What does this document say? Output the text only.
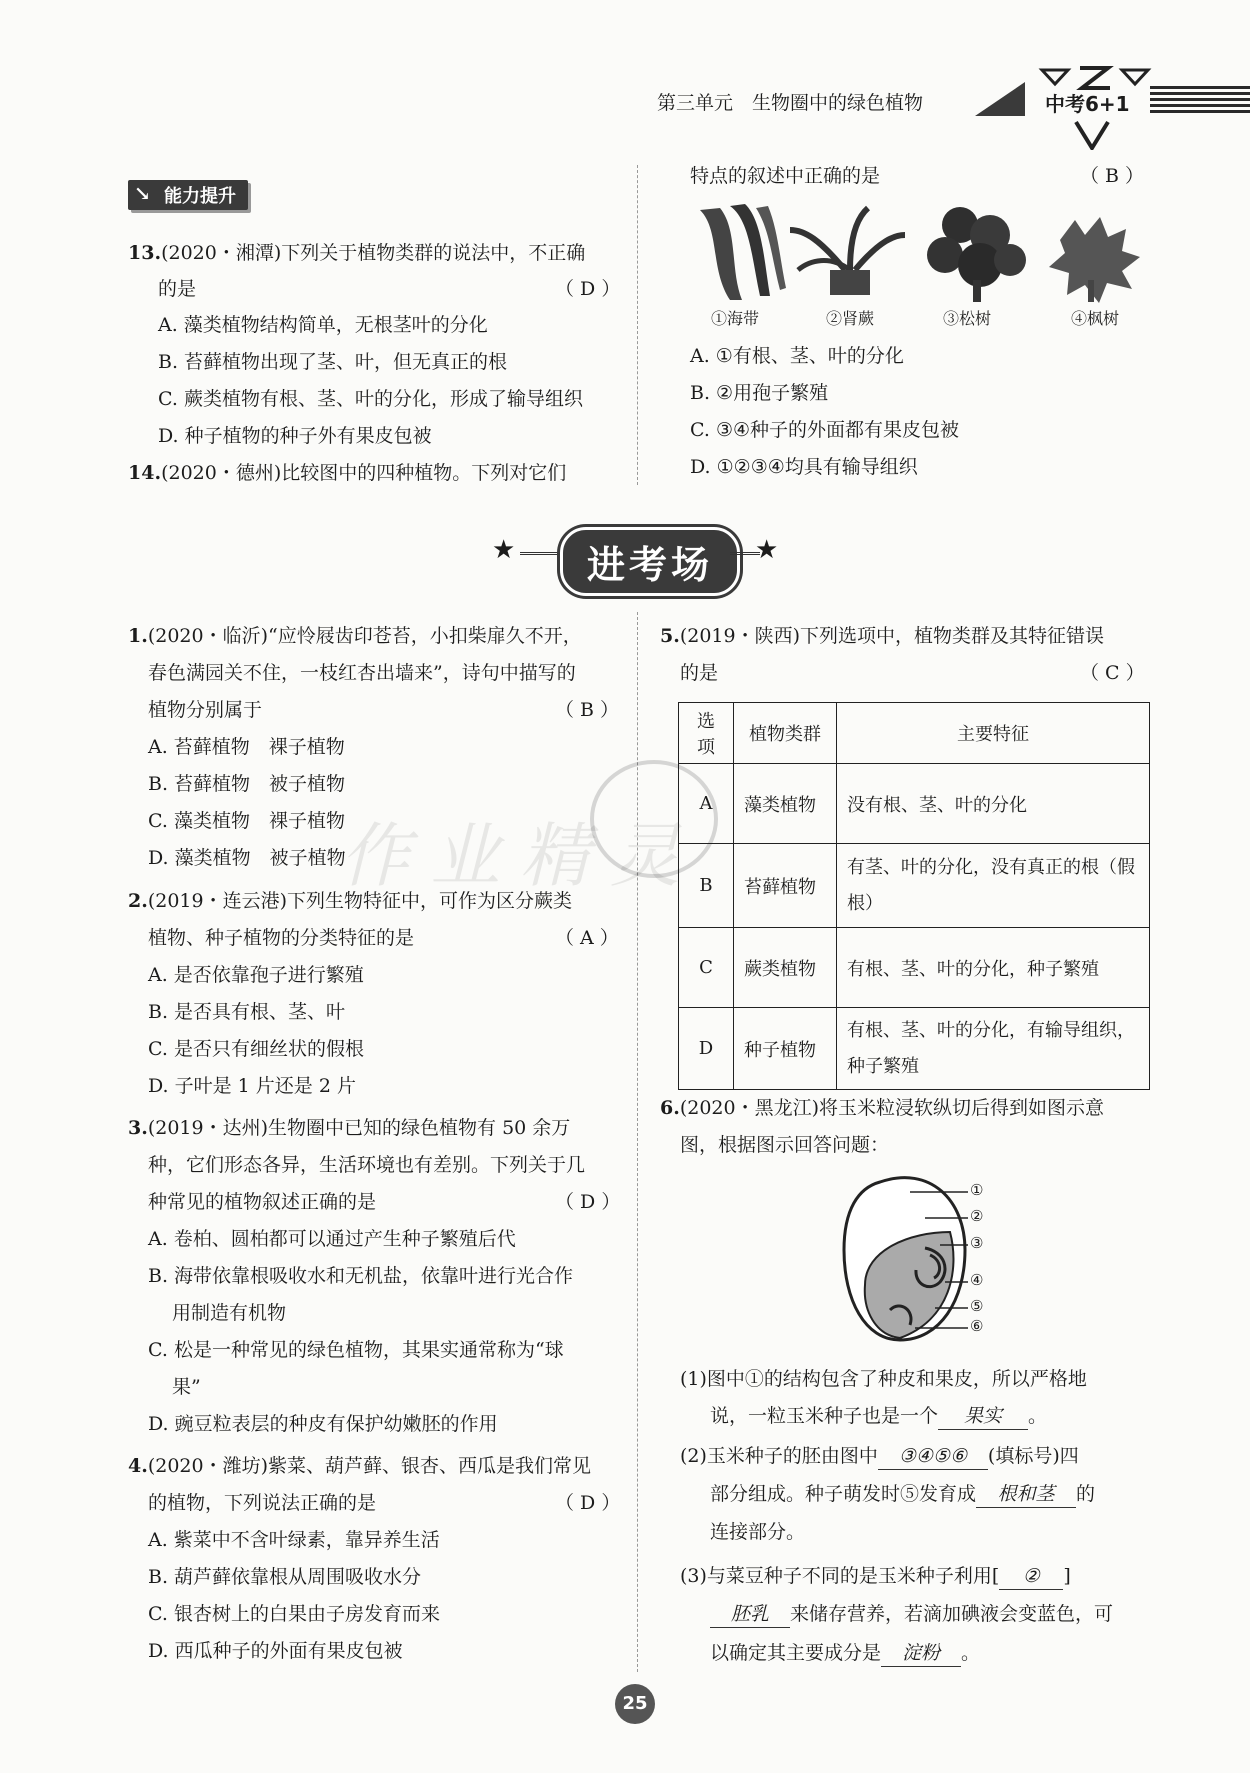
第三单元　生物圈中的绿色植物	中考6+1
能力提升
↘
13.(2020・湘潭)下列关于植物类群的说法中，不正确
的是	（ D ）
A. 藻类植物结构简单，无根茎叶的分化
B. 苔藓植物出现了茎、叶，但无真正的根
C. 蕨类植物有根、茎、叶的分化，形成了输导组织
D. 种子植物的种子外有果皮包被
14.(2020・德州)比较图中的四种植物。下列对它们
特点的叙述中正确的是	（ B ）
①海带	②肾蕨	③松树	④枫树
A. ①有根、茎、叶的分化
B. ②用孢子繁殖
C. ③④种子的外面都有果皮包被
D. ①②③④均具有输导组织
★	进考场	★
1.(2020・临沂)“应怜屐齿印苍苔，小扣柴扉久不开，
春色满园关不住，一枝红杏出墙来”，诗句中描写的
植物分别属于	（ B ）
A. 苔藓植物　裸子植物
B. 苔藓植物　被子植物
C. 藻类植物　裸子植物
D. 藻类植物　被子植物
作业精灵
2.(2019・连云港)下列生物特征中，可作为区分蕨类
植物、种子植物的分类特征的是	（ A ）
A. 是否依靠孢子进行繁殖
B. 是否具有根、茎、叶
C. 是否只有细丝状的假根
D. 子叶是 1 片还是 2 片
3.(2019・达州)生物圈中已知的绿色植物有 50 余万
种，它们形态各异，生活环境也有差别。下列关于几
种常见的植物叙述正确的是	（ D ）
A. 卷柏、圆柏都可以通过产生种子繁殖后代
B. 海带依靠根吸收水和无机盐，依靠叶进行光合作
用制造有机物
C. 松是一种常见的绿色植物，其果实通常称为“球
果”
D. 豌豆粒表层的种皮有保护幼嫩胚的作用
4.(2020・潍坊)紫菜、葫芦藓、银杏、西瓜是我们常见
的植物，下列说法正确的是	（ D ）
A. 紫菜中不含叶绿素，靠异养生活
B. 葫芦藓依靠根从周围吸收水分
C. 银杏树上的白果由子房发育而来
D. 西瓜种子的外面有果皮包被
5.(2019・陕西)下列选项中，植物类群及其特征错误
的是	（ C ）
选项	植物类群	主要特征
A	藻类植物	没有根、茎、叶的分化
B	苔藓植物	有茎、叶的分化，没有真正的根（假根）
C	蕨类植物	有根、茎、叶的分化，种子繁殖
D	种子植物	有根、茎、叶的分化，有输导组织，种子繁殖
6.(2020・黑龙江)将玉米粒浸软纵切后得到如图示意
图，根据图示回答问题：
①
②
③
④
⑤
⑥
(1)图中①的结构包含了种皮和果皮，所以严格地
说，一粒玉米种子也是一个 果实 。
(2)玉米种子的胚由图中 ③④⑤⑥ (填标号)四
部分组成。种子萌发时⑤发育成 根和茎 的
连接部分。
(3)与菜豆种子不同的是玉米种子利用[ ② ]
胚乳 来储存营养，若滴加碘液会变蓝色，可
以确定其主要成分是 淀粉 。
25
